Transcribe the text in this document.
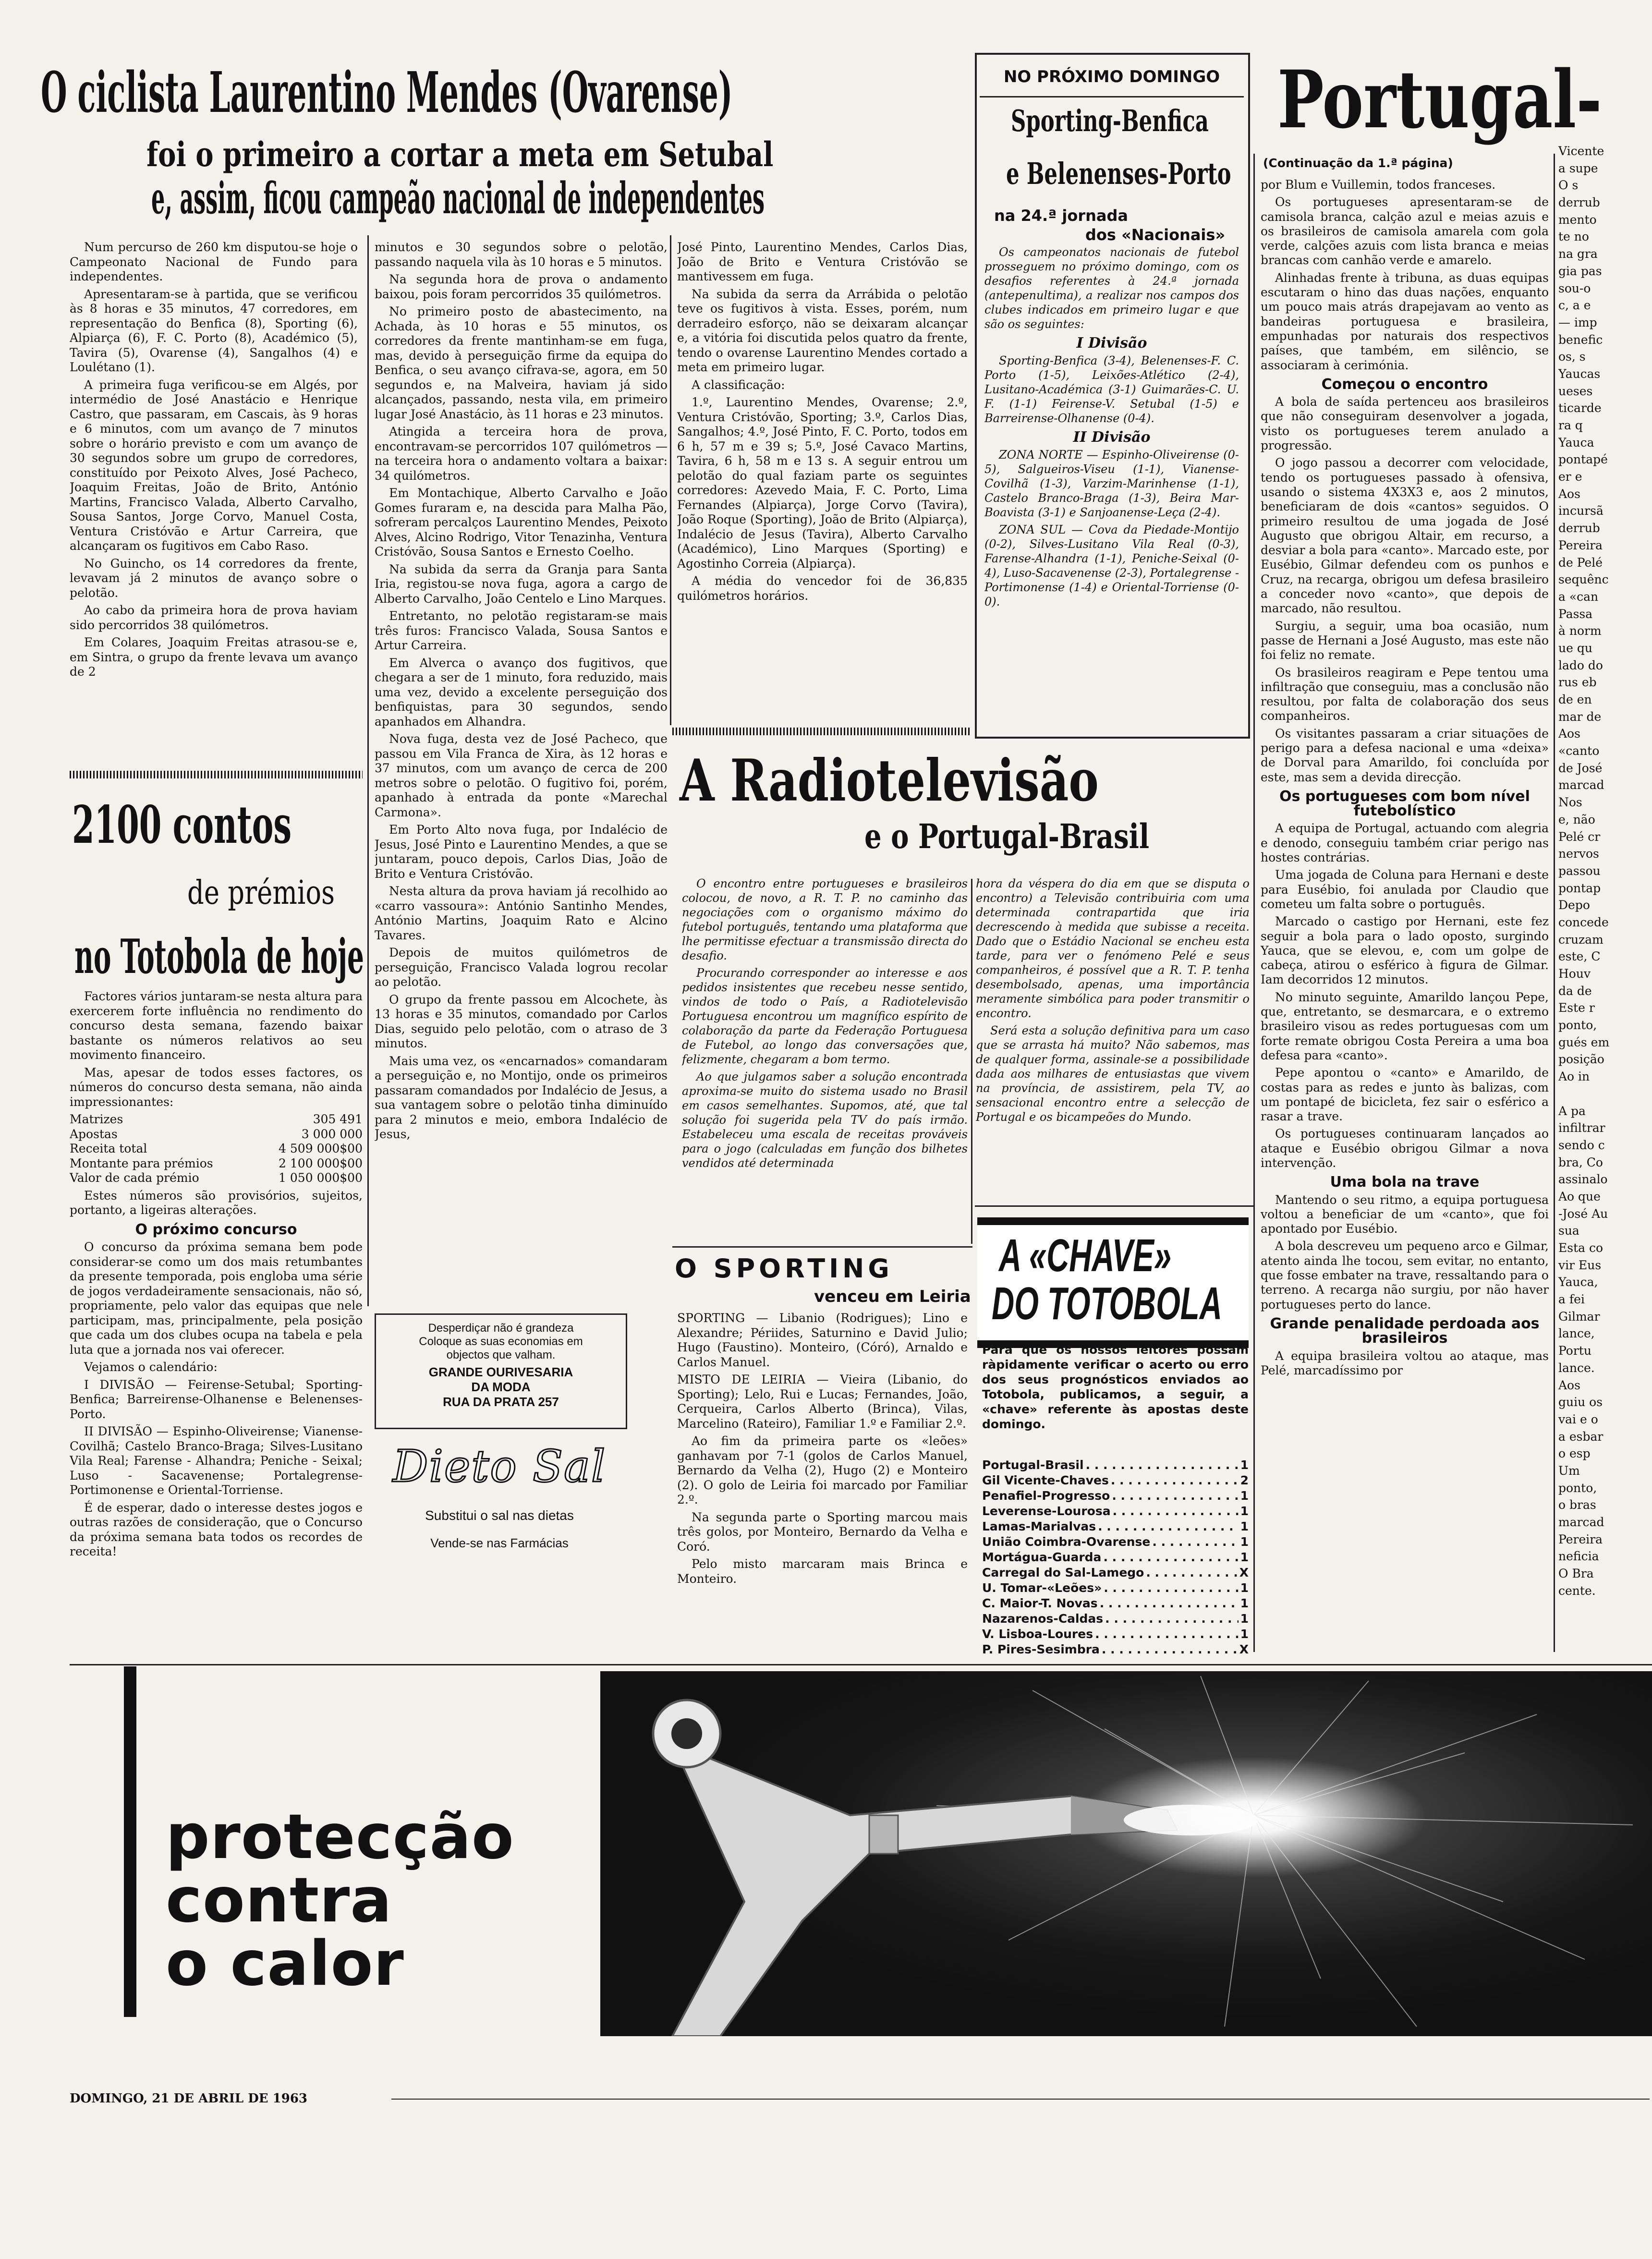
O ciclista Laurentino Mendes (Ovarense)
foi o primeiro a cortar a meta em Setubal
e, assim, ficou campeão nacional de independentes

Num percurso de 260 km disputou-se hoje o Campeonato Nacional de Fundo para independentes.

Apresentaram-se à partida, que se verificou às 8 horas e 35 minutos, 47 corredores, em representação do Benfica (8), Sporting (6), Alpiarça (6), F. C. Porto (8), Académico (5), Tavira (5), Ovarense (4), Sangalhos (4) e Loulétano (1).

A primeira fuga verificou-se em Algés, por intermédio de José Anastácio e Henrique Castro, que passaram, em Cascais, às 9 horas e 6 minutos, com um avanço de 7 minutos sobre o horário previsto e com um avanço de 30 segundos sobre um grupo de corredores, constituído por Peixoto Alves, José Pacheco, Joaquim Freitas, João de Brito, António Martins, Francisco Valada, Alberto Carvalho, Sousa Santos, Jorge Corvo, Manuel Costa, Ventura Cristóvão e Artur Carreira, que alcançaram os fugitivos em Cabo Raso.

No Guincho, os 14 corredores da frente, levavam já 2 minutos de avanço sobre o pelotão.

Ao cabo da primeira hora de prova haviam sido percorridos 38 quilómetros.

Em Colares, Joaquim Freitas atrasou-se e, em Sintra, o grupo da frente levava um avanço de 2

minutos e 30 segundos sobre o pelotão, passando naquela vila às 10 horas e 5 minutos.

Na segunda hora de prova o andamento baixou, pois foram percorridos 35 quilómetros.

No primeiro posto de abastecimento, na Achada, às 10 horas e 55 minutos, os corredores da frente mantinham-se em fuga, mas, devido à perseguição firme da equipa do Benfica, o seu avanço cifrava-se, agora, em 50 segundos e, na Malveira, haviam já sido alcançados, passando, nesta vila, em primeiro lugar José Anastácio, às 11 horas e 23 minutos.

Atingida a terceira hora de prova, encontravam-se percorridos 107 quilómetros — na terceira hora o andamento voltara a baixar: 34 quilómetros.

Em Montachique, Alberto Carvalho e João Gomes furaram e, na descida para Malha Pão, sofreram percalços Laurentino Mendes, Peixoto Alves, Alcino Rodrigo, Vitor Tenazinha, Ventura Cristóvão, Sousa Santos e Ernesto Coelho.

Na subida da serra da Granja para Santa Iria, registou-se nova fuga, agora a cargo de Alberto Carvalho, João Centelo e Lino Marques.

Entretanto, no pelotão registaram-se mais três furos: Francisco Valada, Sousa Santos e Artur Carreira.

Em Alverca o avanço dos fugitivos, que chegara a ser de 1 minuto, fora reduzido, mais uma vez, devido a excelente perseguição dos benfiquistas, para 30 segundos, sendo apanhados em Alhandra.

Nova fuga, desta vez de José Pacheco, que passou em Vila Franca de Xira, às 12 horas e 37 minutos, com um avanço de cerca de 200 metros sobre o pelotão. O fugitivo foi, porém, apanhado à entrada da ponte «Marechal Carmona».

Em Porto Alto nova fuga, por Indalécio de Jesus, José Pinto e Laurentino Mendes, a que se juntaram, pouco depois, Carlos Dias, João de Brito e Ventura Cristóvão.

Nesta altura da prova haviam já recolhido ao «carro vassoura»: António Santinho Mendes, António Martins, Joaquim Rato e Alcino Tavares.

Depois de muitos quilómetros de perseguição, Francisco Valada logrou recolar ao pelotão.

O grupo da frente passou em Alcochete, às 13 horas e 35 minutos, comandado por Carlos Dias, seguido pelo pelotão, com o atraso de 3 minutos.

Mais uma vez, os «encarnados» comandaram a perseguição e, no Montijo, onde os primeiros passaram comandados por Indalécio de Jesus, a sua vantagem sobre o pelotão tinha diminuído para 2 minutos e meio, embora Indalécio de Jesus,

José Pinto, Laurentino Mendes, Carlos Dias, João de Brito e Ventura Cristóvão se mantivessem em fuga.

Na subida da serra da Arrábida o pelotão teve os fugitivos à vista. Esses, porém, num derradeiro esforço, não se deixaram alcançar e, a vitória foi discutida pelos quatro da frente, tendo o ovarense Laurentino Mendes cortado a meta em primeiro lugar.

A classificação:

1.º, Laurentino Mendes, Ovarense; 2.º, Ventura Cristóvão, Sporting; 3.º, Carlos Dias, Sangalhos; 4.º, José Pinto, F. C. Porto, todos em 6 h, 57 m e 39 s; 5.º, José Cavaco Martins, Tavira, 6 h, 58 m e 13 s. A seguir entrou um pelotão do qual faziam parte os seguintes corredores: Azevedo Maia, F. C. Porto, Lima Fernandes (Alpiarça), Jorge Corvo (Tavira), João Roque (Sporting), João de Brito (Alpiarça), Indalécio de Jesus (Tavira), Alberto Carvalho (Académico), Lino Marques (Sporting) e Agostinho Correia (Alpiarça).

A média do vencedor foi de 36,835 quilómetros horários.

NO PRÓXIMO DOMINGO
Sporting-Benfica
e Belenenses-Porto
na 24.ª jornada
dos «Nacionais»

Os campeonatos nacionais de futebol prosseguem no próximo domingo, com os desafios referentes à 24.ª jornada (antepenultima), a realizar nos campos dos clubes indicados em primeiro lugar e que são os seguintes:

I Divisão

Sporting-Benfica (3-4), Belenenses-F. C. Porto (1-5), Leixões-Atlético (2-4), Lusitano-Académica (3-1) Guimarães-C. U. F. (1-1) Feirense-V. Setubal (1-5) e Barreirense-Olhanense (0-4).

II Divisão

ZONA NORTE — Espinho-Oliveirense (0-5), Salgueiros-Viseu (1-1), Vianense-Covilhã (1-3), Varzim-Marinhense (1-1), Castelo Branco-Braga (1-3), Beira Mar-Boavista (3-1) e Sanjoanense-Leça (2-4).

ZONA SUL — Cova da Piedade-Montijo (0-2), Silves-Lusitano Vila Real (0-3), Farense-Alhandra (1-1), Peniche-Seixal (0-4), Luso-Sacavenense (2-3), Portalegrense - Portimonense (1-4) e Oriental-Torriense (0-0).

Portugal-
(Continuação da 1.ª página)

por Blum e Vuillemin, todos franceses.

Os portugueses apresentaram-se de camisola branca, calção azul e meias azuis e os brasileiros de camisola amarela com gola verde, calções azuis com lista branca e meias brancas com canhão verde e amarelo.

Alinhadas frente à tribuna, as duas equipas escutaram o hino das duas nações, enquanto um pouco mais atrás drapejavam ao vento as bandeiras portuguesa e brasileira, empunhadas por naturais dos respectivos países, que também, em silêncio, se associaram à cerimónia.

Começou o encontro

A bola de saída pertenceu aos brasileiros que não conseguiram desenvolver a jogada, visto os portugueses terem anulado a progressão.

O jogo passou a decorrer com velocidade, tendo os portugueses passado à ofensiva, usando o sistema 4X3X3 e, aos 2 minutos, beneficiaram de dois «cantos» seguidos. O primeiro resultou de uma jogada de José Augusto que obrigou Altair, em recurso, a desviar a bola para «canto». Marcado este, por Eusébio, Gilmar defendeu com os punhos e Cruz, na recarga, obrigou um defesa brasileiro a conceder novo «canto», que depois de marcado, não resultou.

Surgiu, a seguir, uma boa ocasião, num passe de Hernani a José Augusto, mas este não foi feliz no remate.

Os brasileiros reagiram e Pepe tentou uma infiltração que conseguiu, mas a conclusão não resultou, por falta de colaboração dos seus companheiros.

Os visitantes passaram a criar situações de perigo para a defesa nacional e uma «deixa» de Dorval para Amarildo, foi concluída por este, mas sem a devida direcção.

Os portugueses com bom nível futebolístico

A equipa de Portugal, actuando com alegria e denodo, conseguiu também criar perigo nas hostes contrárias.

Uma jogada de Coluna para Hernani e deste para Eusébio, foi anulada por Claudio que cometeu um falta sobre o português.

Marcado o castigo por Hernani, este fez seguir a bola para o lado oposto, surgindo Yauca, que se elevou, e, com um golpe de cabeça, atirou o esférico à figura de Gilmar. Iam decorridos 12 minutos.

No minuto seguinte, Amarildo lançou Pepe, que, entretanto, se desmarcara, e o extremo brasileiro visou as redes portuguesas com um forte remate obrigou Costa Pereira a uma boa defesa para «canto».

Pepe apontou o «canto» e Amarildo, de costas para as redes e junto às balizas, com um pontapé de bicicleta, fez sair o esférico a rasar a trave.

Os portugueses continuaram lançados ao ataque e Eusébio obrigou Gilmar a nova intervenção.

Uma bola na trave

Mantendo o seu ritmo, a equipa portuguesa voltou a beneficiar de um «canto», que foi apontado por Eusébio.

A bola descreveu um pequeno arco e Gilmar, atento ainda lhe tocou, sem evitar, no entanto, que fosse embater na trave, ressaltando para o terreno. A recarga não surgiu, por não haver portugueses perto do lance.

Grande penalidade perdoada aos brasileiros

A equipa brasileira voltou ao ataque, mas Pelé, marcadíssimo por

Vicente
a supe
O s
derrub
mento
te no
na gra
gia pas
sou-o
c, a e
— imp
benefic
os, s
Yaucas
ueses
ticarde
ra q
Yauca
pontapé
er e
Aos
incursã
derrub
Pereira
de Pelé
sequênc
a «can
Passa
à norm
ue qu
lado do
rus eb
de en
mar de
Aos
«canto
de José
marcad
Nos
e, não
Pelé cr
nervos
passou
pontap
Depo
concede
cruzam
este, C
Houv
da de
Este r
ponto,
gués em
posição
Ao in
A pa
infiltrar
sendo c
bra, Co
assinalo
Ao que
-José Au
sua
Esta co
vir Eus
Yauca,
a fei
Gilmar
lance,
Portu
lance.
Aos
guiu os
vai e o
a esbar
o esp
Um
ponto,
o bras
marcad
Pereira
neficia
O Bra
cente.
2100 contos
de prémios
no Totobola de hoje

Factores vários juntaram-se nesta altura para exercerem forte influência no rendimento do concurso desta semana, fazendo baixar bastante os números relativos ao seu movimento financeiro.

Mas, apesar de todos esses factores, os números do concurso desta semana, não ainda impressionantes:

Matrizes	305 491
Apostas	3 000 000
Receita total	4 509 000$00
Montante para prémios	2 100 000$00
Valor de cada prémio	1 050 000$00

Estes números são provisórios, sujeitos, portanto, a ligeiras alterações.

O próximo concurso

O concurso da próxima semana bem pode considerar-se como um dos mais retumbantes da presente temporada, pois engloba uma série de jogos verdadeiramente sensacionais, não só, propriamente, pelo valor das equipas que nele participam, mas, principalmente, pela posição que cada um dos clubes ocupa na tabela e pela luta que a jornada nos vai oferecer.

Vejamos o calendário:

I DIVISÃO — Feirense-Setubal; Sporting-Benfica; Barreirense-Olhanense e Belenenses-Porto.

II DIVISÃO — Espinho-Oliveirense; Vianense-Covilhã; Castelo Branco-Braga; Silves-Lusitano Vila Real; Farense - Alhandra; Peniche - Seixal; Luso - Sacavenense; Portalegrense-Portimonense e Oriental-Torriense.

É de esperar, dado o interesse destes jogos e outras razões de consideração, que o Concurso da próxima semana bata todos os recordes de receita!

Desperdiçar não é grandeza
Coloque as suas economias em
objectos que valham.
GRANDE OURIVESARIA
DA MODA
RUA DA PRATA 257
Dieto Sal
Substitui o sal nas dietas
Vende-se nas Farmácias
A Radiotelevisão
e o Portugal-Brasil

O encontro entre portugueses e brasileiros colocou, de novo, a R. T. P. no caminho das negociações com o organismo máximo do futebol português, tentando uma plataforma que lhe permitisse efectuar a transmissão directa do desafio.

Procurando corresponder ao interesse e aos pedidos insistentes que recebeu nesse sentido, vindos de todo o País, a Radiotelevisão Portuguesa encontrou um magnífico espírito de colaboração da parte da Federação Portuguesa de Futebol, ao longo das conversações que, felizmente, chegaram a bom termo.

Ao que julgamos saber a solução encontrada aproxima-se muito do sistema usado no Brasil em casos semelhantes. Supomos, até, que tal solução foi sugerida pela TV do país irmão. Estabeleceu uma escala de receitas prováveis para o jogo (calculadas em função dos bilhetes vendidos até determinada

hora da véspera do dia em que se disputa o encontro) a Televisão contribuiria com uma determinada contrapartida que iria decrescendo à medida que subisse a receita. Dado que o Estádio Nacional se encheu esta tarde, para ver o fenómeno Pelé e seus companheiros, é possível que a R. T. P. tenha desembolsado, apenas, uma importância meramente simbólica para poder transmitir o encontro.

Será esta a solução definitiva para um caso que se arrasta há muito? Não sabemos, mas de qualquer forma, assinale-se a possibilidade dada aos milhares de entusiastas que vivem na província, de assistirem, pela TV, ao sensacional encontro entre a selecção de Portugal e os bicampeões do Mundo.

O SPORTING
venceu em Leiria

SPORTING — Libanio (Rodrigues); Lino e Alexandre; Périides, Saturnino e David Julio; Hugo (Faustino). Monteiro, (Córó), Arnaldo e Carlos Manuel.

MISTO DE LEIRIA — Vieira (Libanio, do Sporting); Lelo, Rui e Lucas; Fernandes, João, Cerqueira, Carlos Alberto (Brinca), Vilas, Marcelino (Rateiro), Familiar 1.º e Familiar 2.º.

Ao fim da primeira parte os «leões» ganhavam por 7-1 (golos de Carlos Manuel, Bernardo da Velha (2), Hugo (2) e Monteiro (2). O golo de Leiria foi marcado por Familiar 2.º.

Na segunda parte o Sporting marcou mais três golos, por Monteiro, Bernardo da Velha e Coró.

Pelo misto marcaram mais Brinca e Monteiro.

A «CHAVE»
DO TOTOBOLA
Para que os nossos leitores possam ràpidamente verificar o acerto ou erro dos seus prognósticos enviados ao Totobola, publicamos, a seguir, a «chave» referente às apostas deste domingo.
Portugal-Brasil . . .	1
Gil Vicente-Chaves . . .	2
Penafiel-Progresso . . .	1
Leverense-Lourosa . . .	1
Lamas-Marialvas . . .	1
União Coimbra-Ovarense . . .	1
Mortágua-Guarda . . .	1
Carregal do Sal-Lamego . . .	X
U. Tomar-«Leões» . . .	1
C. Maior-T. Novas . . .	1
Nazarenos-Caldas . . .	1
V. Lisboa-Loures . . .	1
P. Pires-Sesimbra . . .	X
protecção
contra
o calor
DOMINGO, 21 DE ABRIL DE 1963
